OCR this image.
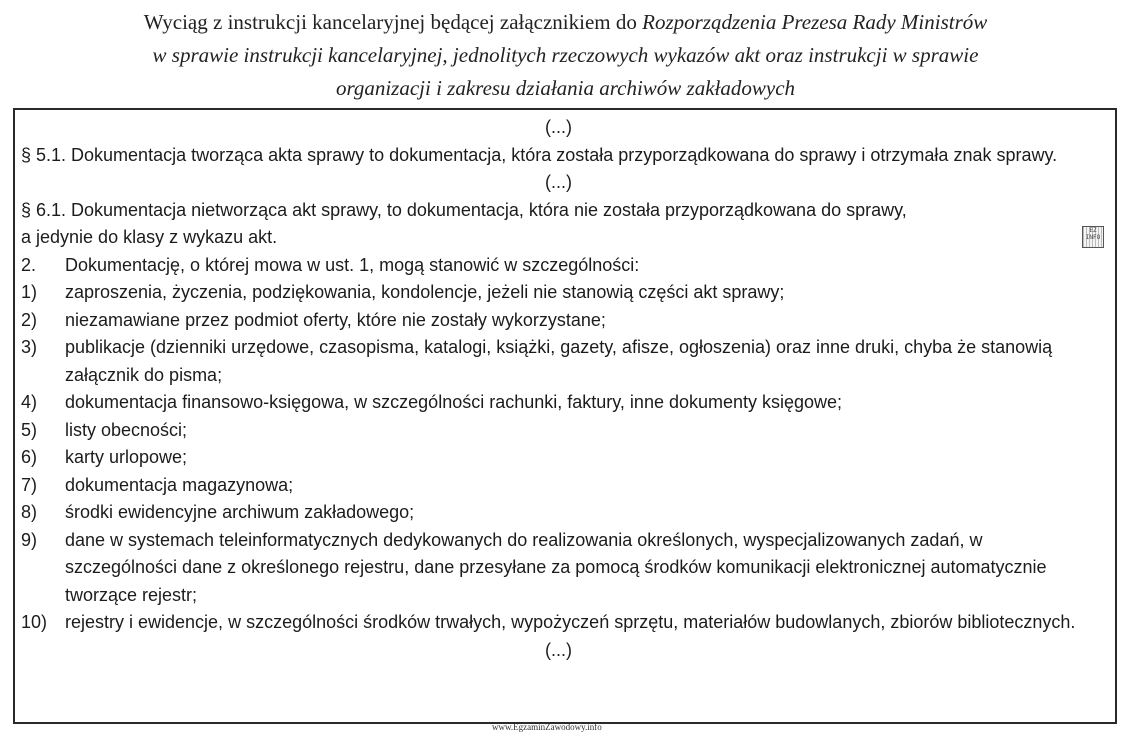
Wyciąg z instrukcji kancelaryjnej będącej załącznikiem do Rozporządzenia Prezesa Rady Ministrów
w sprawie instrukcji kancelaryjnej, jednolitych rzeczowych wykazów akt oraz instrukcji w sprawie
organizacji i zakresu działania archiwów zakładowych
EZ INFO
(...)

§ 5.1. Dokumentacja tworząca akta sprawy to dokumentacja, która została przyporządkowana do sprawy i otrzymała znak sprawy.

(...)

§ 6.1. Dokumentacja nietworząca akt sprawy, to dokumentacja, która nie została przyporządkowana do sprawy,

a jedynie do klasy z wykazu akt.

2.	Dokumentację, o której mowa w ust. 1, mogą stanowić w szczególności:
1)	zaproszenia, życzenia, podziękowania, kondolencje, jeżeli nie stanowią części akt sprawy;
2)	niezamawiane przez podmiot oferty, które nie zostały wykorzystane;
3)	publikacje (dzienniki urzędowe, czasopisma, katalogi, książki, gazety, afisze, ogłoszenia) oraz inne druki, chyba że stanowią załącznik do pisma;
4)	dokumentacja finansowo-księgowa, w szczególności rachunki, faktury, inne dokumenty księgowe;
5)	listy obecności;
6)	karty urlopowe;
7)	dokumentacja magazynowa;
8)	środki ewidencyjne archiwum zakładowego;
9)	dane w systemach teleinformatycznych dedykowanych do realizowania określonych, wyspecjalizowanych zadań, w szczególności dane z określonego rejestru, dane przesyłane za pomocą środków komunikacji elektronicznej automatycznie tworzące rejestr;
10) rejestry i ewidencje, w szczególności środków trwałych, wypożyczeń sprzętu, materiałów budowlanych, zbiorów bibliotecznych.
(...)
www.EgzaminZawodowy.info
